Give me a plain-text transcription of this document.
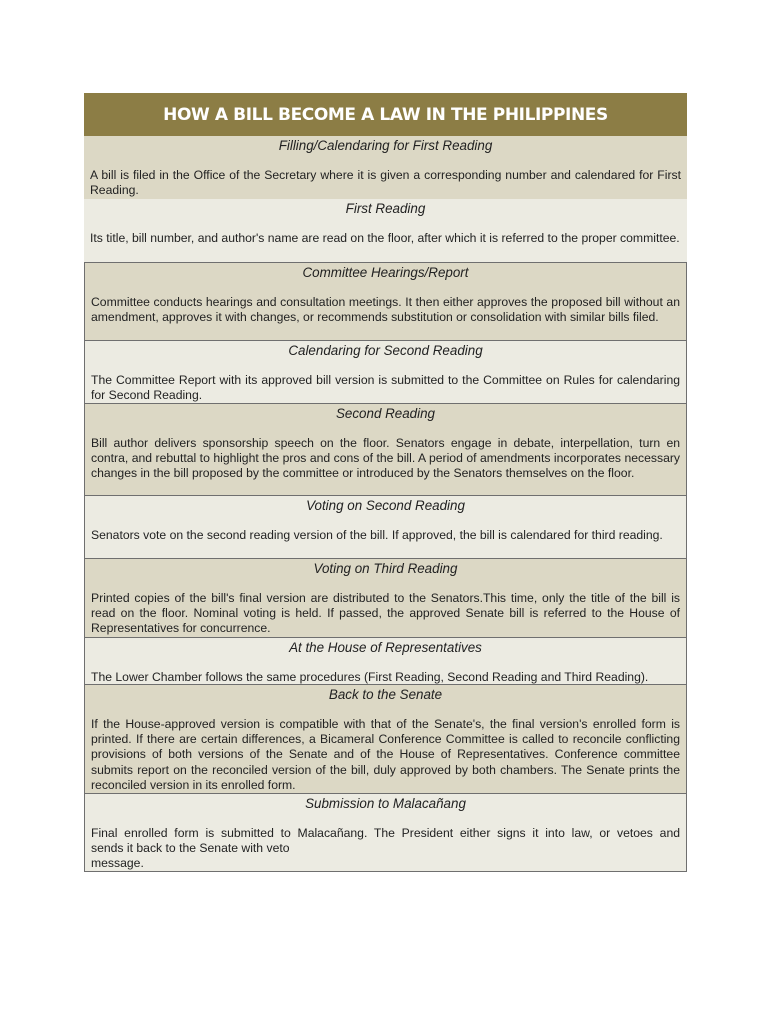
HOW A BILL BECOME A LAW IN THE PHILIPPINES
Filling/Calendaring for First Reading
A bill is filed in the Office of the Secretary where it is given a corresponding number and calendared for First Reading.
First Reading
Its title, bill number, and author's name are read on the floor, after which it is referred to the proper committee.
Committee Hearings/Report
Committee conducts hearings and consultation meetings. It then either approves the proposed bill without an amendment, approves it with changes, or recommends substitution or consolidation with similar bills filed.
Calendaring for Second Reading
The Committee Report with its approved bill version is submitted to the Committee on Rules for calendaring for Second Reading.
Second Reading
Bill author delivers sponsorship speech on the floor. Senators engage in debate, interpellation, turn en contra, and rebuttal to highlight the pros and cons of the bill. A period of amendments incorporates necessary changes in the bill proposed by the committee or introduced by the Senators themselves on the floor.
Voting on Second Reading
Senators vote on the second reading version of the bill. If approved, the bill is calendared for third reading.
Voting on Third Reading
Printed copies of the bill's final version are distributed to the Senators.This time, only the title of the bill is read on the floor. Nominal voting is held. If passed, the approved Senate bill is referred to the House of Representatives for concurrence.
At the House of Representatives
The Lower Chamber follows the same procedures (First Reading, Second Reading and Third Reading).
Back to the Senate
If the House-approved version is compatible with that of the Senate's, the final version's enrolled form is printed. If there are certain differences, a Bicameral Conference Committee is called to reconcile conflicting provisions of both versions of the Senate and of the House of Representatives. Conference committee submits report on the reconciled version of the bill, duly approved by both chambers. The Senate prints the reconciled version in its enrolled form.
Submission to Malacañang
Final enrolled form is submitted to Malacañang. The President either signs it into law, or vetoes and
sends it back to the Senate with veto
message.
